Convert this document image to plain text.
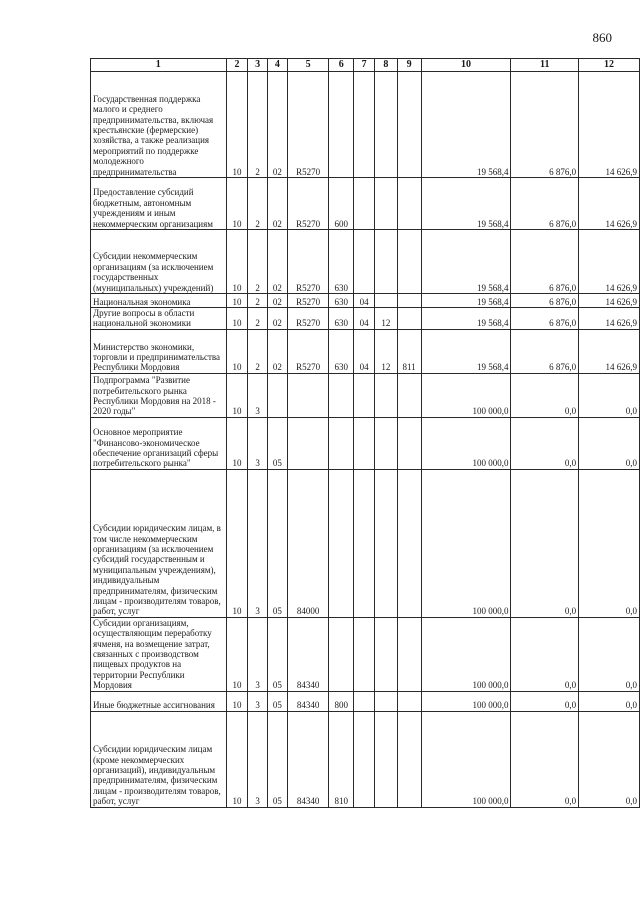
860
1	2	3	4	5	6	7	8	9	10	11	12
Государственная поддержка малого и среднего предпринимательства, включая крестьянские (фермерские) хозяйства, а также реализация мероприятий по поддержке молодежного предпринимательства	10	2	02	R5270					19 568,4	6 876,0	14 626,9
Предоставление субсидий бюджетным, автономным учреждениям и иным некоммерческим организациям	10	2	02	R5270	600				19 568,4	6 876,0	14 626,9
Субсидии некоммерческим организациям (за исключением государственных (муниципальных) учреждений)	10	2	02	R5270	630				19 568,4	6 876,0	14 626,9
Национальная экономика	10	2	02	R5270	630	04			19 568,4	6 876,0	14 626,9
Другие вопросы в области национальной экономики	10	2	02	R5270	630	04	12		19 568,4	6 876,0	14 626,9
Министерство экономики, торговли и предпринимательства Республики Мордовия	10	2	02	R5270	630	04	12	811	19 568,4	6 876,0	14 626,9
Подпрограмма "Развитие потребительского рынка Республики Мордовия на 2018 - 2020 годы"	10	3							100 000,0	0,0	0,0
Основное мероприятие "Финансово-экономическое обеспечение организаций сферы потребительского рынка"	10	3	05						100 000,0	0,0	0,0
Субсидии юридическим лицам, в том числе некоммерческим организациям (за исключением субсидий государственным и муниципальным учреждениям), индивидуальным предпринимателям, физическим лицам - производителям товаров, работ, услуг	10	3	05	84000					100 000,0	0,0	0,0
Субсидии организациям, осуществляющим переработку ячменя, на возмещение затрат, связанных с производством пищевых продуктов на территории Республики Мордовия	10	3	05	84340					100 000,0	0,0	0,0
Иные бюджетные ассигнования	10	3	05	84340	800				100 000,0	0,0	0,0
Субсидии юридическим лицам (кроме некоммерческих организаций), индивидуальным предпринимателям, физическим лицам - производителям товаров, работ, услуг	10	3	05	84340	810				100 000,0	0,0	0,0
